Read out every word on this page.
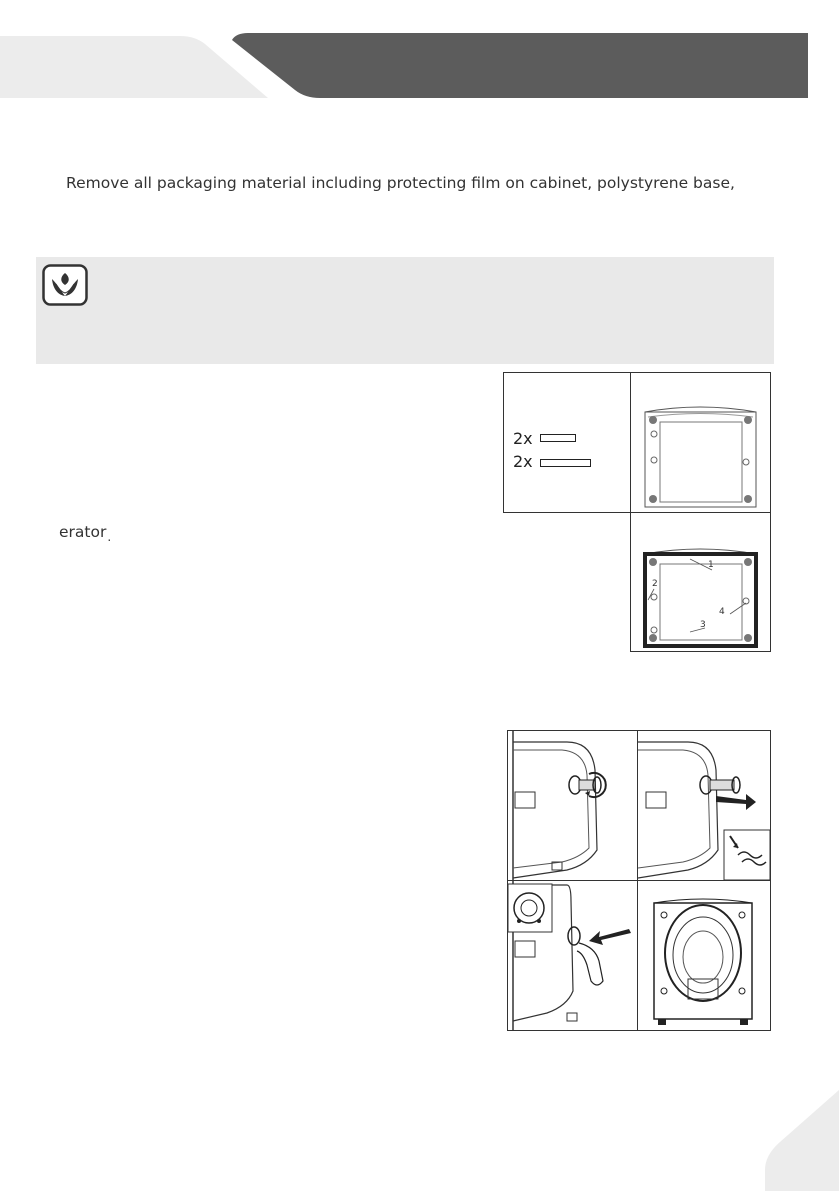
Remove all packaging material including protecting film on cabinet, polystyrene base,
erator$_.$
2x
2x
1
2
3
4
